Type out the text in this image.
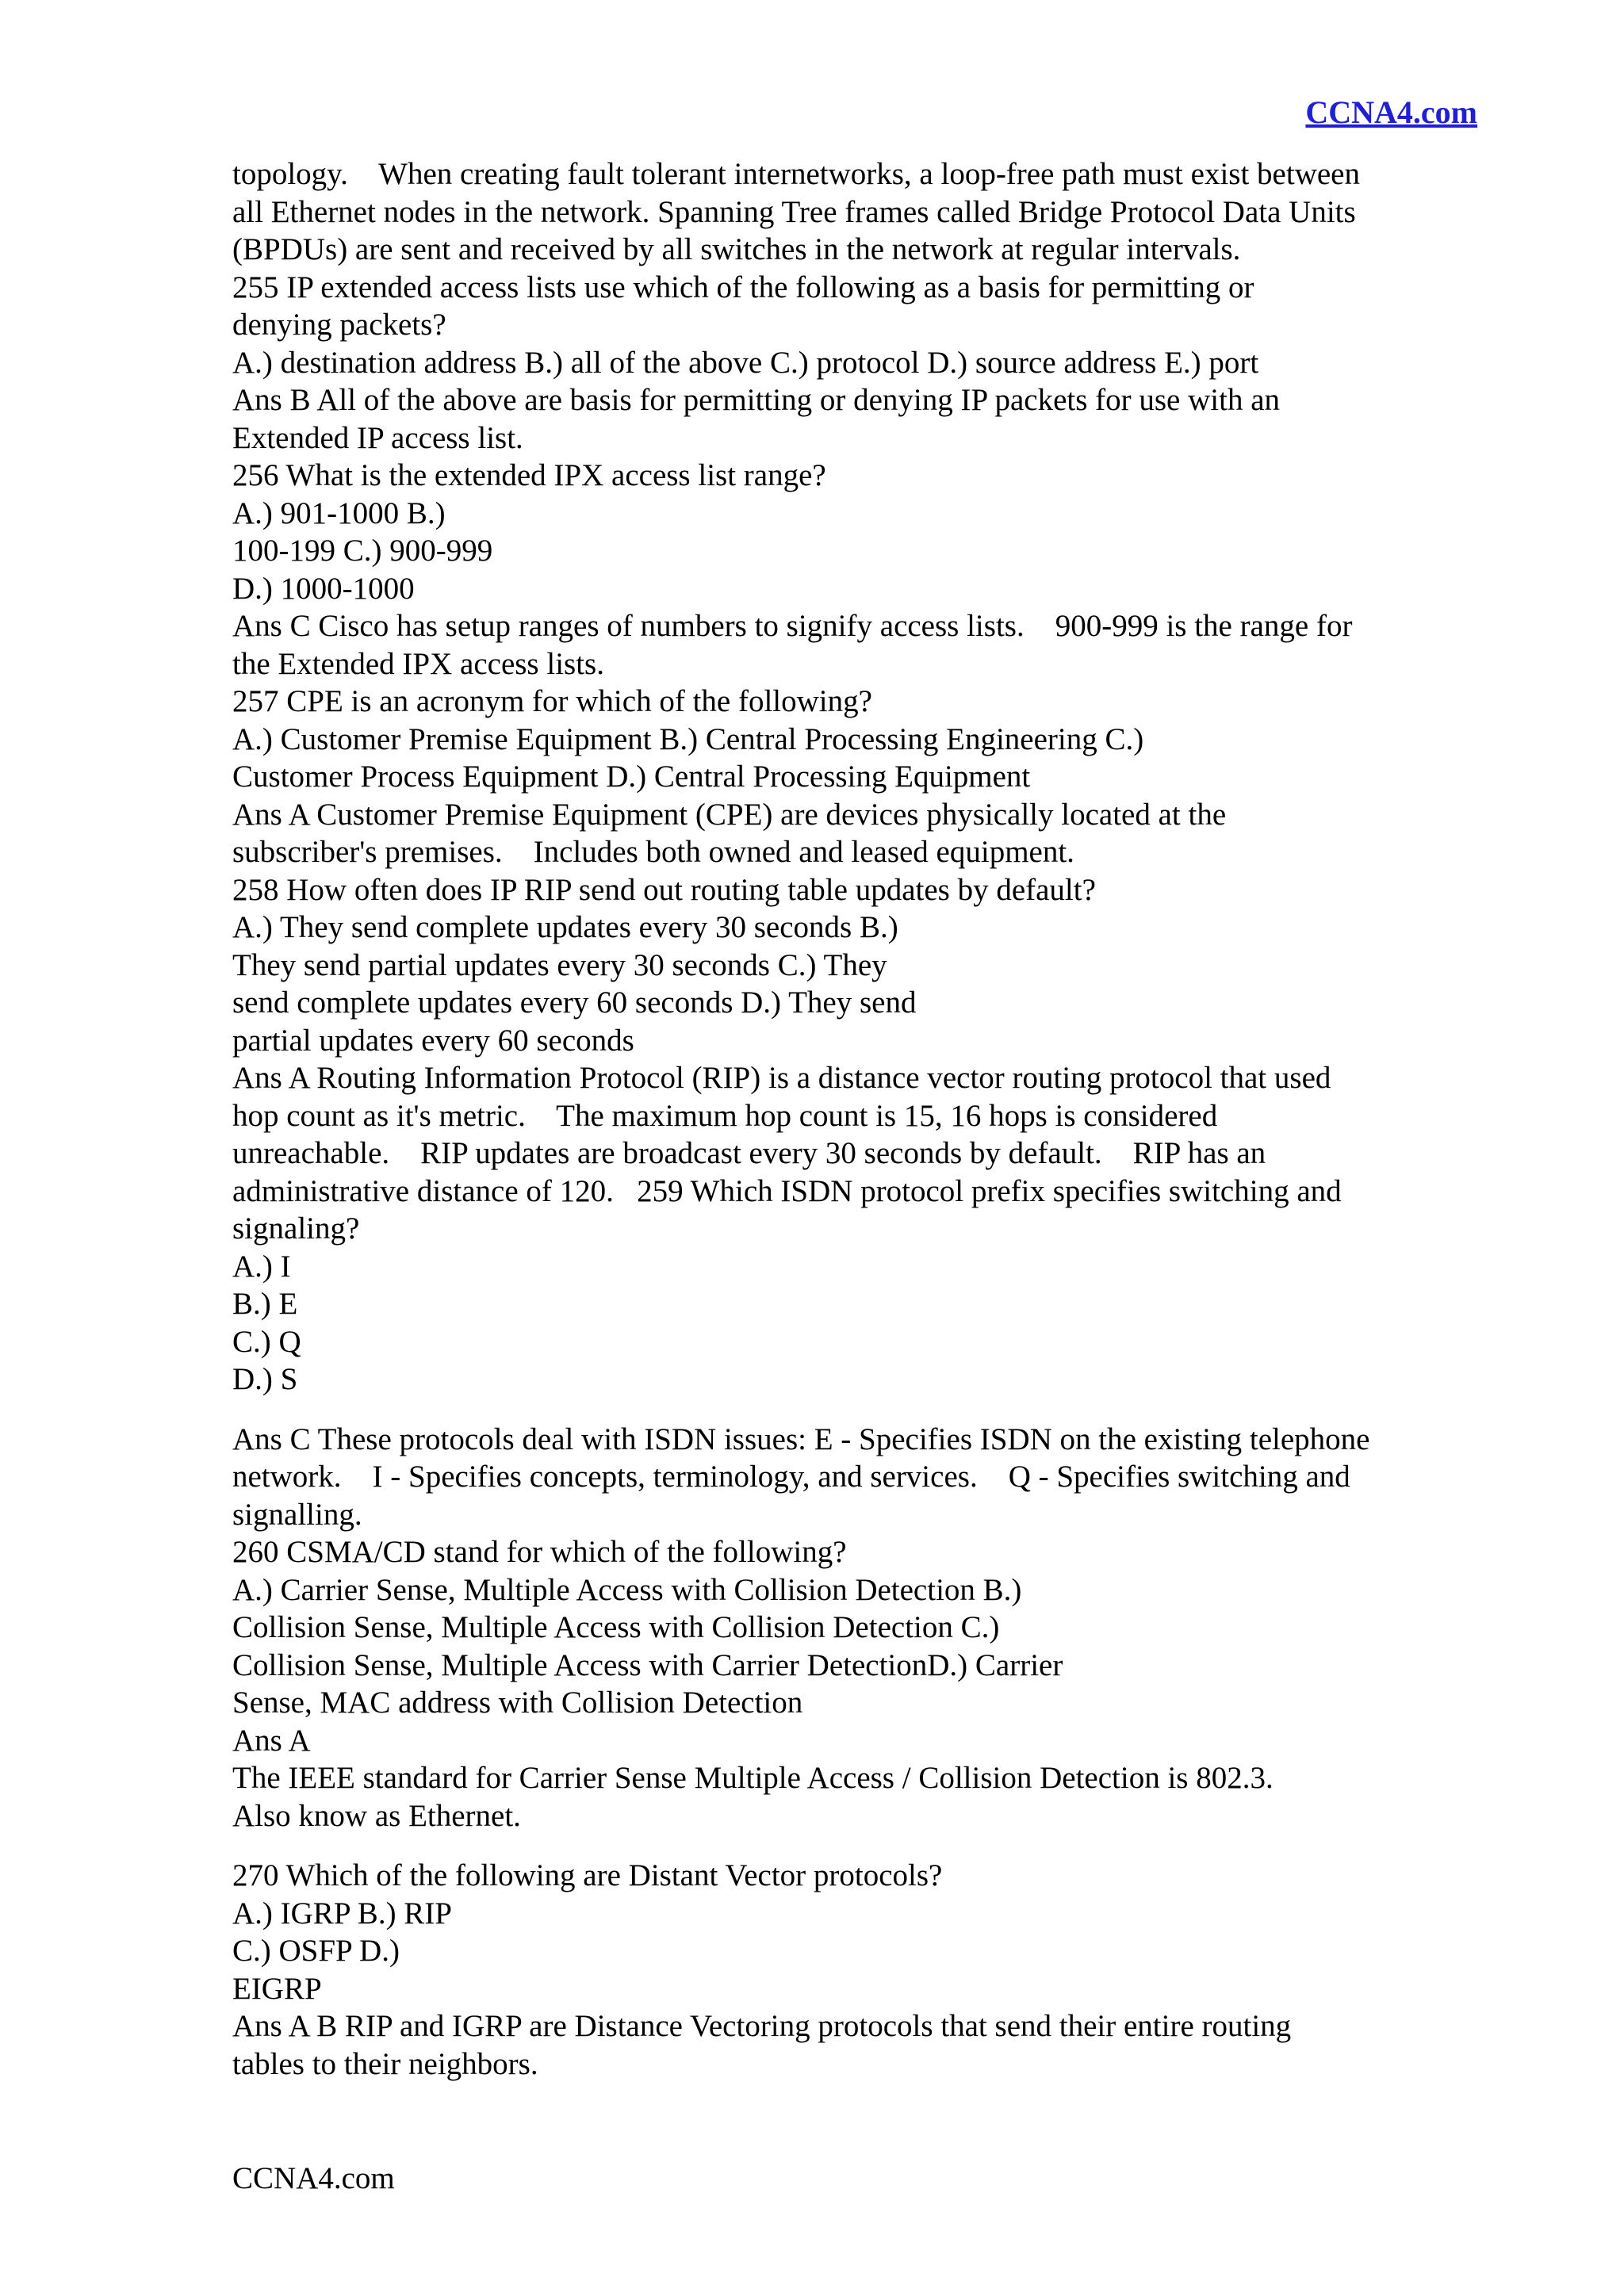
CCNA4.com
topology.    When creating fault tolerant internetworks, a loop-free path must exist between
all Ethernet nodes in the network. Spanning Tree frames called Bridge Protocol Data Units
(BPDUs) are sent and received by all switches in the network at regular intervals.
255 IP extended access lists use which of the following as a basis for permitting or
denying packets?
A.) destination address B.) all of the above C.) protocol D.) source address E.) port
Ans B All of the above are basis for permitting or denying IP packets for use with an
Extended IP access list.
256 What is the extended IPX access list range?
A.) 901-1000 B.)
100-199 C.) 900-999
D.) 1000-1000
Ans C Cisco has setup ranges of numbers to signify access lists.    900-999 is the range for
the Extended IPX access lists.
257 CPE is an acronym for which of the following?
A.) Customer Premise Equipment B.) Central Processing Engineering C.)
Customer Process Equipment D.) Central Processing Equipment
Ans A Customer Premise Equipment (CPE) are devices physically located at the
subscriber's premises.    Includes both owned and leased equipment.
258 How often does IP RIP send out routing table updates by default?
A.) They send complete updates every 30 seconds B.)
They send partial updates every 30 seconds C.) They
send complete updates every 60 seconds D.) They send
partial updates every 60 seconds
Ans A Routing Information Protocol (RIP) is a distance vector routing protocol that used
hop count as it's metric.    The maximum hop count is 15, 16 hops is considered
unreachable.    RIP updates are broadcast every 30 seconds by default.    RIP has an
administrative distance of 120.   259 Which ISDN protocol prefix specifies switching and
signaling?
A.) I
B.) E
C.) Q
D.) S
Ans C These protocols deal with ISDN issues: E - Specifies ISDN on the existing telephone
network.    I - Specifies concepts, terminology, and services.    Q - Specifies switching and
signalling.
260 CSMA/CD stand for which of the following?
A.) Carrier Sense, Multiple Access with Collision Detection B.)
Collision Sense, Multiple Access with Collision Detection C.)
Collision Sense, Multiple Access with Carrier DetectionD.) Carrier
Sense, MAC address with Collision Detection
Ans A
The IEEE standard for Carrier Sense Multiple Access / Collision Detection is 802.3.
Also know as Ethernet.
270 Which of the following are Distant Vector protocols?
A.) IGRP B.) RIP
C.) OSFP D.)
EIGRP
Ans A B RIP and IGRP are Distance Vectoring protocols that send their entire routing
tables to their neighbors.
CCNA4.com
